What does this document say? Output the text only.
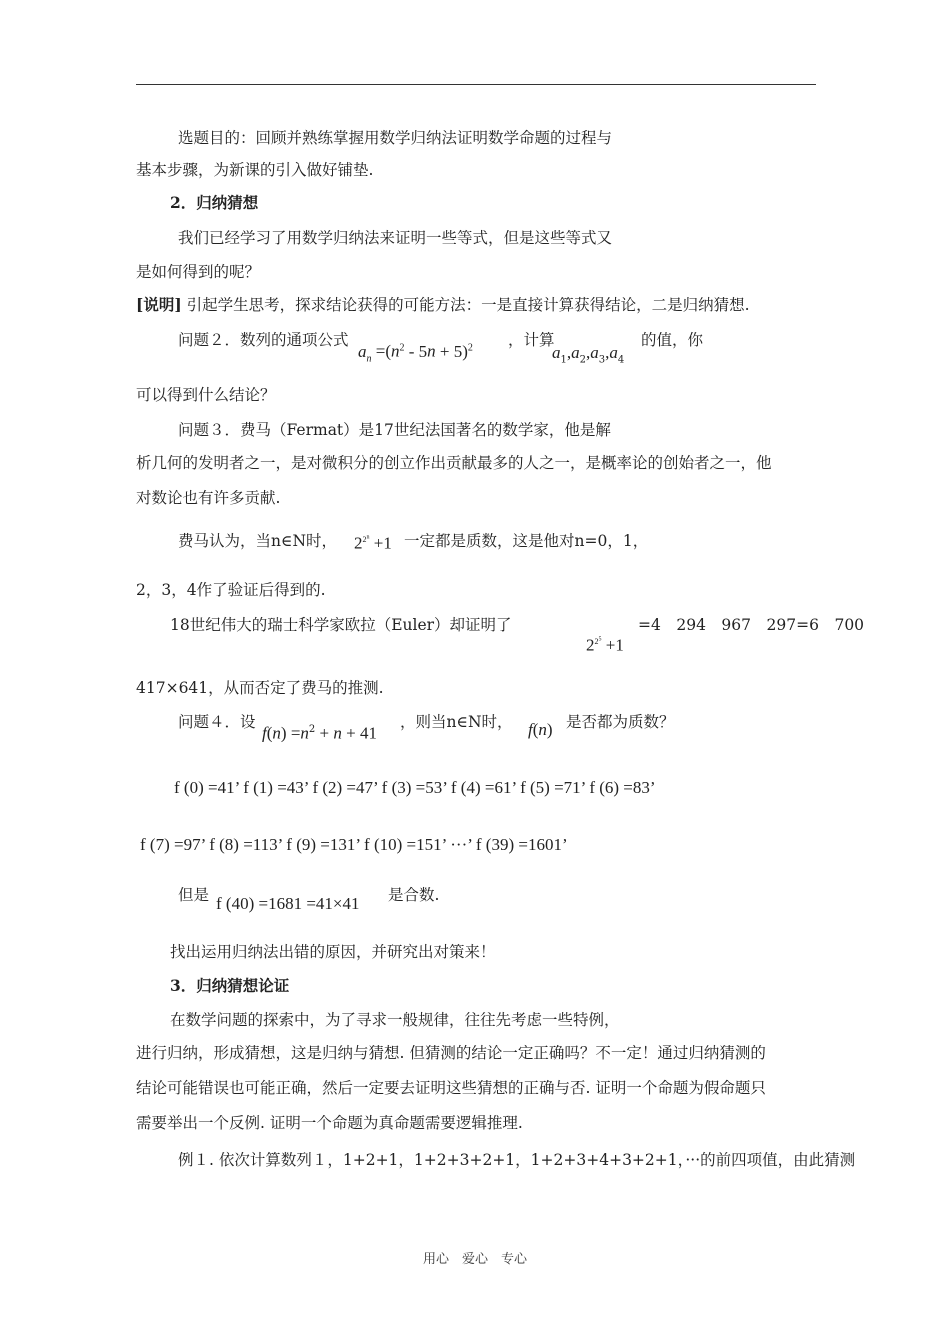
选题目的：回顾并熟练掌握用数学归纳法证明数学命题的过程与
基本步骤，为新课的引入做好铺垫.
2．归纳猜想
我们已经学习了用数学归纳法来证明一些等式，但是这些等式又
是如何得到的呢？
[说明] 引起学生思考，探求结论获得的可能方法：一是直接计算获得结论，二是归纳猜想.
问题２．数列的通项公式
$a_n =(n^2 - 5n + 5)^2$ ，计算
$a_1,a_2,a_3,a_4$
的值，你
可以得到什么结论？
问题３．费马（Fermat）是17世纪法国著名的数学家，他是解
析几何的发明者之一，是对微积分的创立作出贡献最多的人之一，是概率论的创始者之一，他
对数论也有许多贡献.
费马认为，当n∈N时， $2^{2^n} +1$ 一定都是质数，这是他对n=0，1，
2，3，4作了验证后得到的.
18世纪伟大的瑞士科学家欧拉（Euler）却证明了
$2^{2^5} +1$
=4　294　967　297=6　700
417×641，从而否定了费马的推测.
问题４．设
$f(n) =n^2 + n + 41$
，则当n∈N时， f(n) 是否都为质数？
f (0) =41’ f (1) =43’ f (2) =47’ f (3) =53’ f (4) =61’ f (5) =71’ f (6) =83’
f (7) =97’ f (8) =113’ f (9) =131’ f (10) =151’ ···’ f (39) =1601’
但是 f (40) =1681 =41×41 是合数.
找出运用归纳法出错的原因，并研究出对策来！
3．归纳猜想论证
在数学问题的探索中，为了寻求一般规律，往往先考虑一些特例，
进行归纳，形成猜想，这是归纳与猜想. 但猜测的结论一定正确吗？不一定！通过归纳猜测的
结论可能错误也可能正确，然后一定要去证明这些猜想的正确与否. 证明一个命题为假命题只
需要举出一个反例. 证明一个命题为真命题需要逻辑推理.
例１. 依次计算数列１，1+2+1，1+2+3+2+1，1+2+3+4+3+2+1，···的前四项值，由此猜测
用心　爱心　专心
